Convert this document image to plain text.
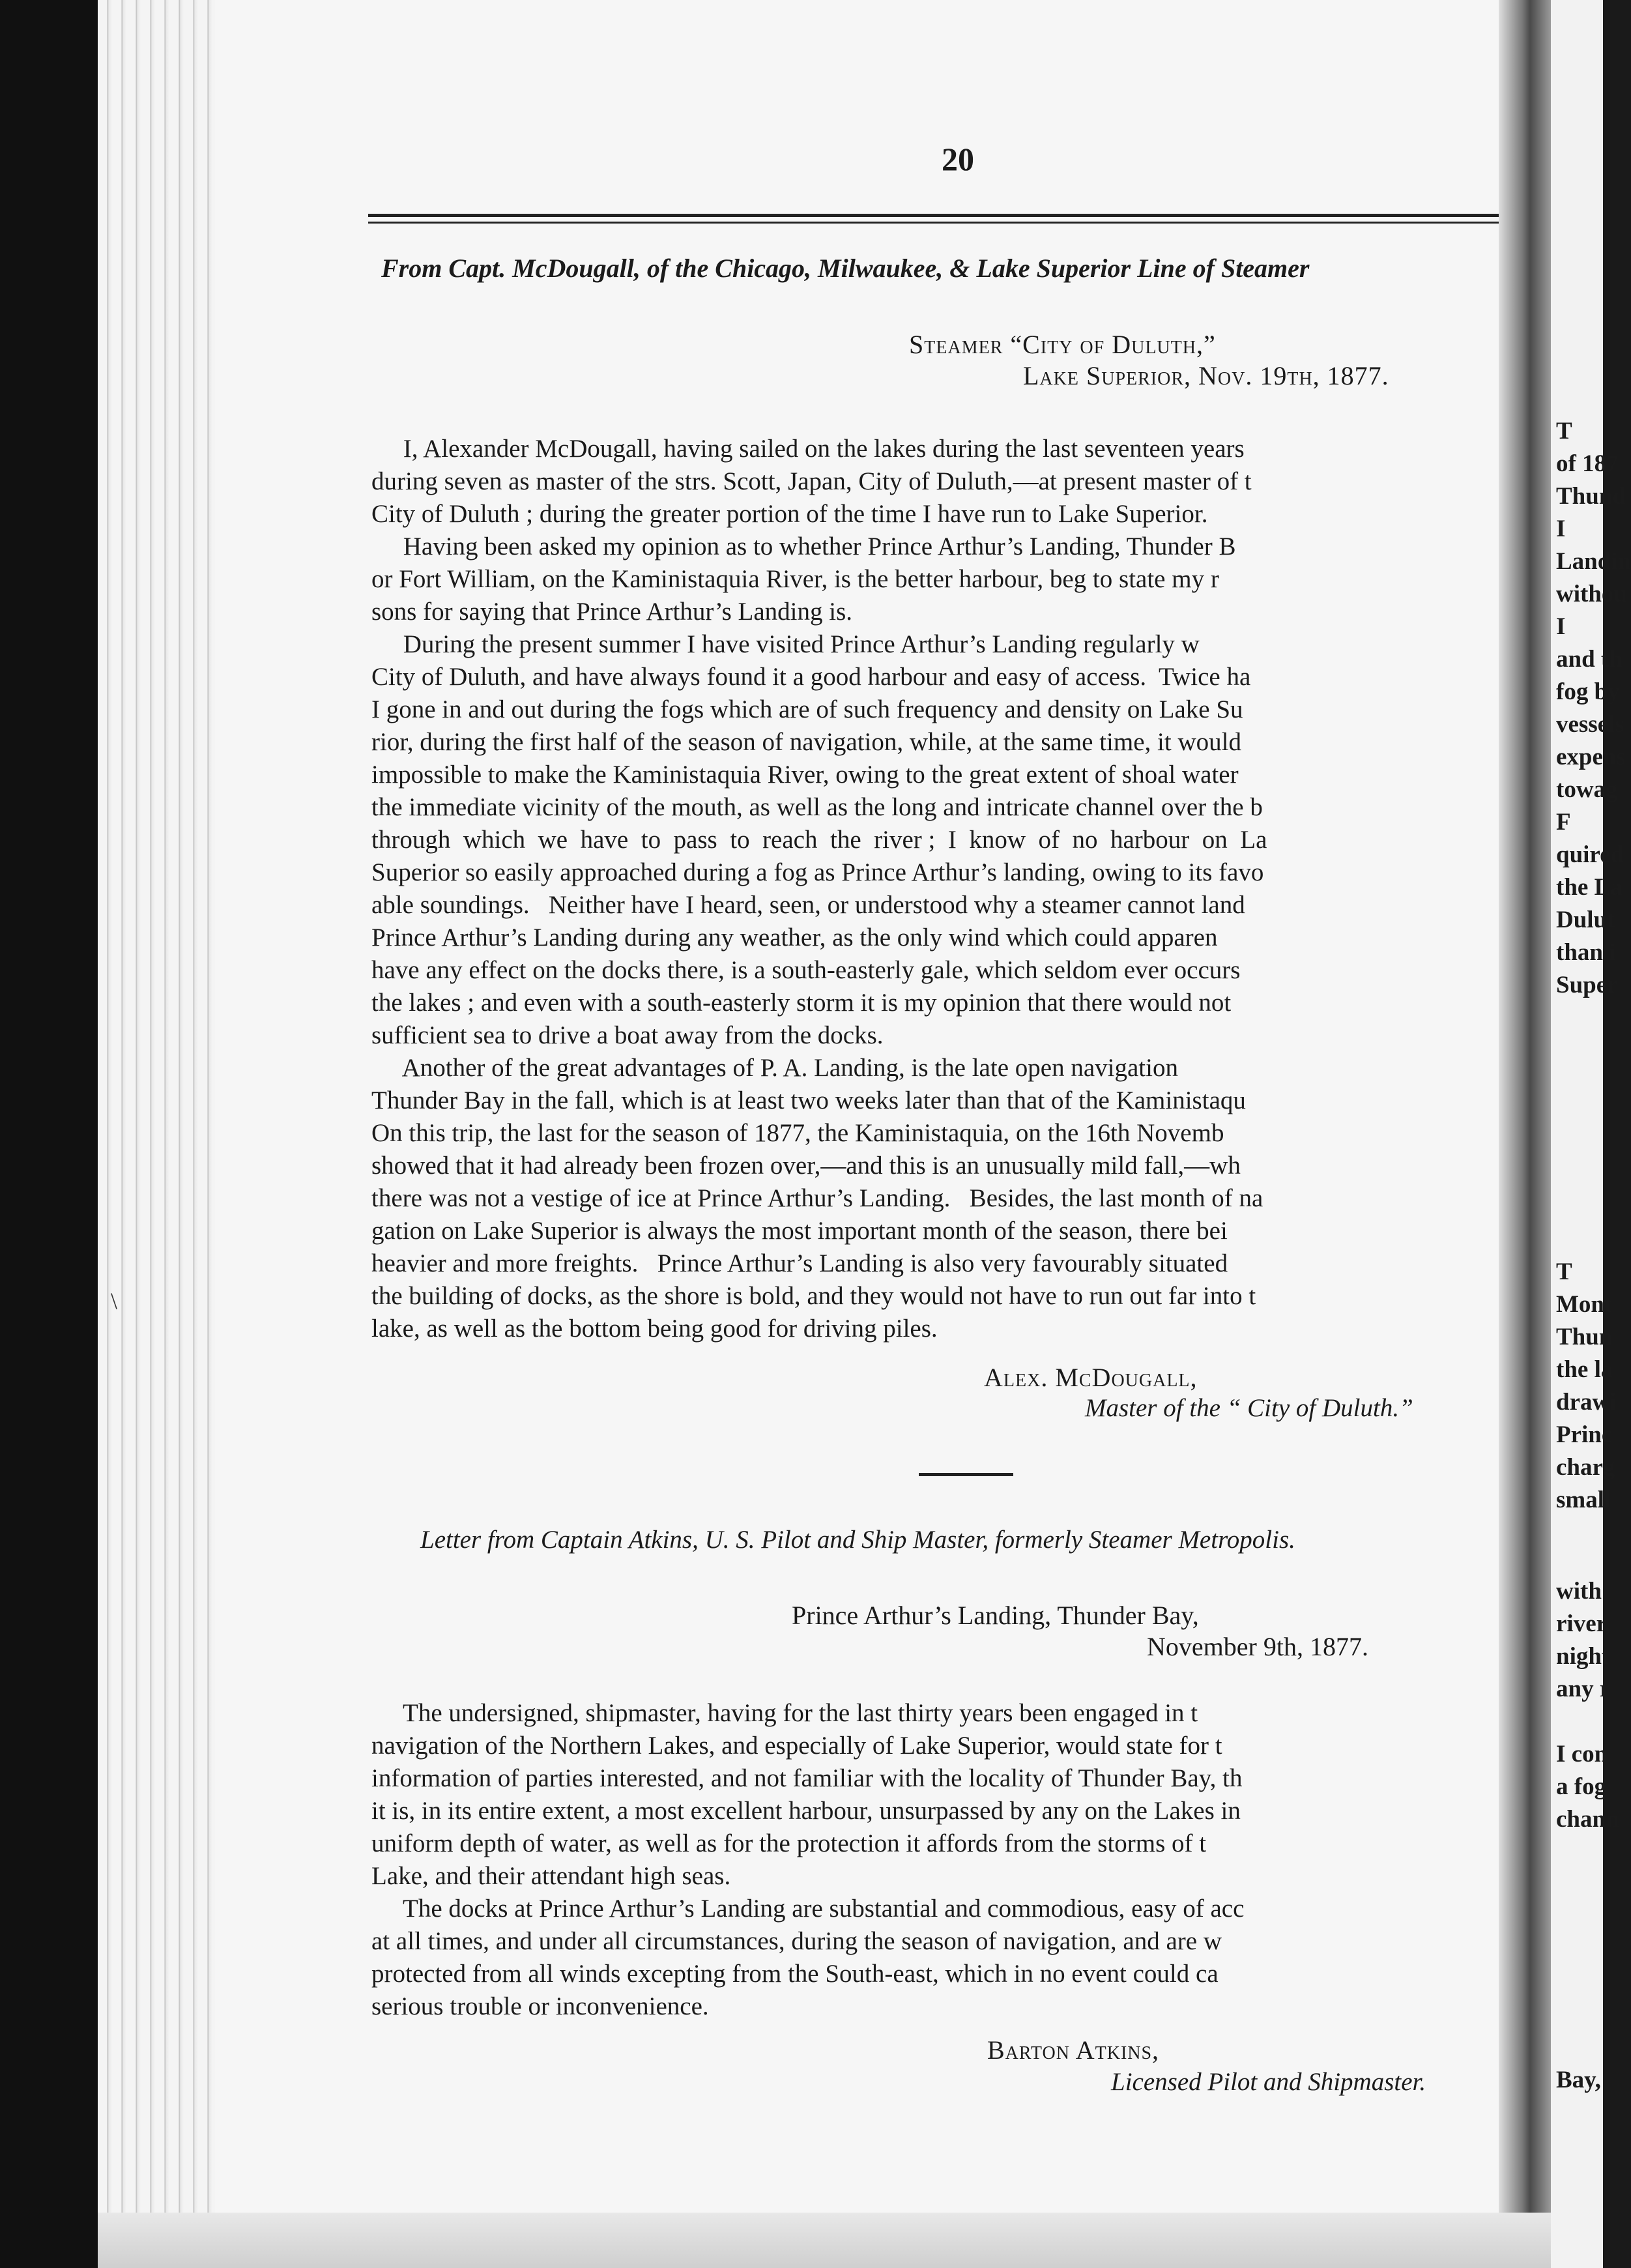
\
20
From Capt. McDougall, of the Chicago, Milwaukee, & Lake Superior Line of Steamer
Steamer “City of Duluth,”
Lake Superior, Nov. 19th, 1877.
I, Alexander McDougall, having sailed on the lakes during the last seventeen years
during seven as master of the strs. Scott, Japan, City of Duluth,—at present master of t
City of Duluth ; during the greater portion of the time I have run to Lake Superior.
Having been asked my opinion as to whether Prince Arthur’s Landing, Thunder B
or Fort William, on the Kaministaquia River, is the better harbour, beg to state my r
sons for saying that Prince Arthur’s Landing is.
During the present summer I have visited Prince Arthur’s Landing regularly w
City of Duluth, and have always found it a good harbour and easy of access.  Twice ha
I gone in and out during the fogs which are of such frequency and density on Lake Su
rior, during the first half of the season of navigation, while, at the same time, it would
impossible to make the Kaministaquia River, owing to the great extent of shoal water
the immediate vicinity of the mouth, as well as the long and intricate channel over the b
through  which  we  have  to  pass  to  reach  the  river ;  I  know  of  no  harbour  on  La
Superior so easily approached during a fog as Prince Arthur’s landing, owing to its favo
able soundings.   Neither have I heard, seen, or understood why a steamer cannot land
Prince Arthur’s Landing during any weather, as the only wind which could apparen
have any effect on the docks there, is a south-easterly gale, which seldom ever occurs
the lakes ; and even with a south-easterly storm it is my opinion that there would not
sufficient sea to drive a boat away from the docks.
Another of the great advantages of P. A. Landing, is the late open navigation
Thunder Bay in the fall, which is at least two weeks later than that of the Kaministaqu
On this trip, the last for the season of 1877, the Kaministaquia, on the 16th Novemb
showed that it had already been frozen over,—and this is an unusually mild fall,—wh
there was not a vestige of ice at Prince Arthur’s Landing.   Besides, the last month of na
gation on Lake Superior is always the most important month of the season, there bei
heavier and more freights.   Prince Arthur’s Landing is also very favourably situated
the building of docks, as the shore is bold, and they would not have to run out far into t
lake, as well as the bottom being good for driving piles.
Alex. McDougall,
Master of the “ City of Duluth.”
Letter from Captain Atkins, U. S. Pilot and Ship Master, formerly Steamer Metropolis.
Prince Arthur’s Landing, Thunder Bay,
November 9th, 1877.
The undersigned, shipmaster, having for the last thirty years been engaged in t
navigation of the Northern Lakes, and especially of Lake Superior, would state for t
information of parties interested, and not familiar with the locality of Thunder Bay, th
it is, in its entire extent, a most excellent harbour, unsurpassed by any on the Lakes in
uniform depth of water, as well as for the protection it affords from the storms of t
Lake, and their attendant high seas.
The docks at Prince Arthur’s Landing are substantial and commodious, easy of acc
at all times, and under all circumstances, during the season of navigation, and are w
protected from all winds excepting from the South-east, which in no event could ca
serious trouble or inconvenience.
Barton Atkins,
Licensed Pilot and Shipmaster.
T
of 187
Thund
I
Landin
withou
I
and th
fog by
vessels
expens
towag
F
quired
the La
Dulut
than i
Super
T
Mont
Thun
the la
drawi
Princ
charg
small
with
river,
night
any r
I con
a fog
chann
Bay,
